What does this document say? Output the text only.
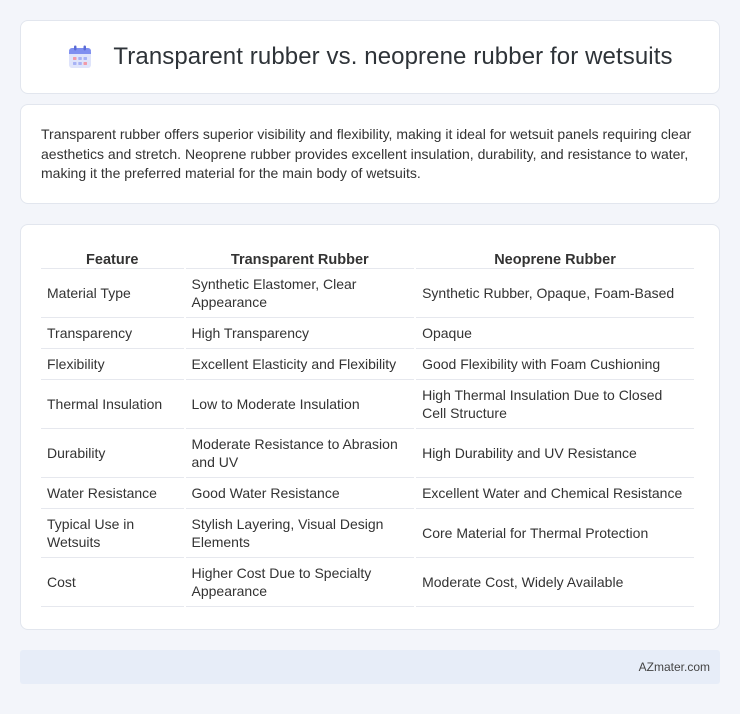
Transparent rubber vs. neoprene rubber for wetsuits

Transparent rubber offers superior visibility and flexibility, making it ideal for wetsuit panels requiring clear aesthetics and stretch. Neoprene rubber provides excellent insulation, durability, and resistance to water, making it the preferred material for the main body of wetsuits.

Feature	Transparent Rubber	Neoprene Rubber
Material Type	Synthetic Elastomer, Clear Appearance	Synthetic Rubber, Opaque, Foam-Based
Transparency	High Transparency	Opaque
Flexibility	Excellent Elasticity and Flexibility	Good Flexibility with Foam Cushioning
Thermal Insulation	Low to Moderate Insulation	High Thermal Insulation Due to Closed Cell Structure
Durability	Moderate Resistance to Abrasion and UV	High Durability and UV Resistance
Water Resistance	Good Water Resistance	Excellent Water and Chemical Resistance
Typical Use in Wetsuits	Stylish Layering, Visual Design Elements	Core Material for Thermal Protection
Cost	Higher Cost Due to Specialty Appearance	Moderate Cost, Widely Available
AZmater.com
